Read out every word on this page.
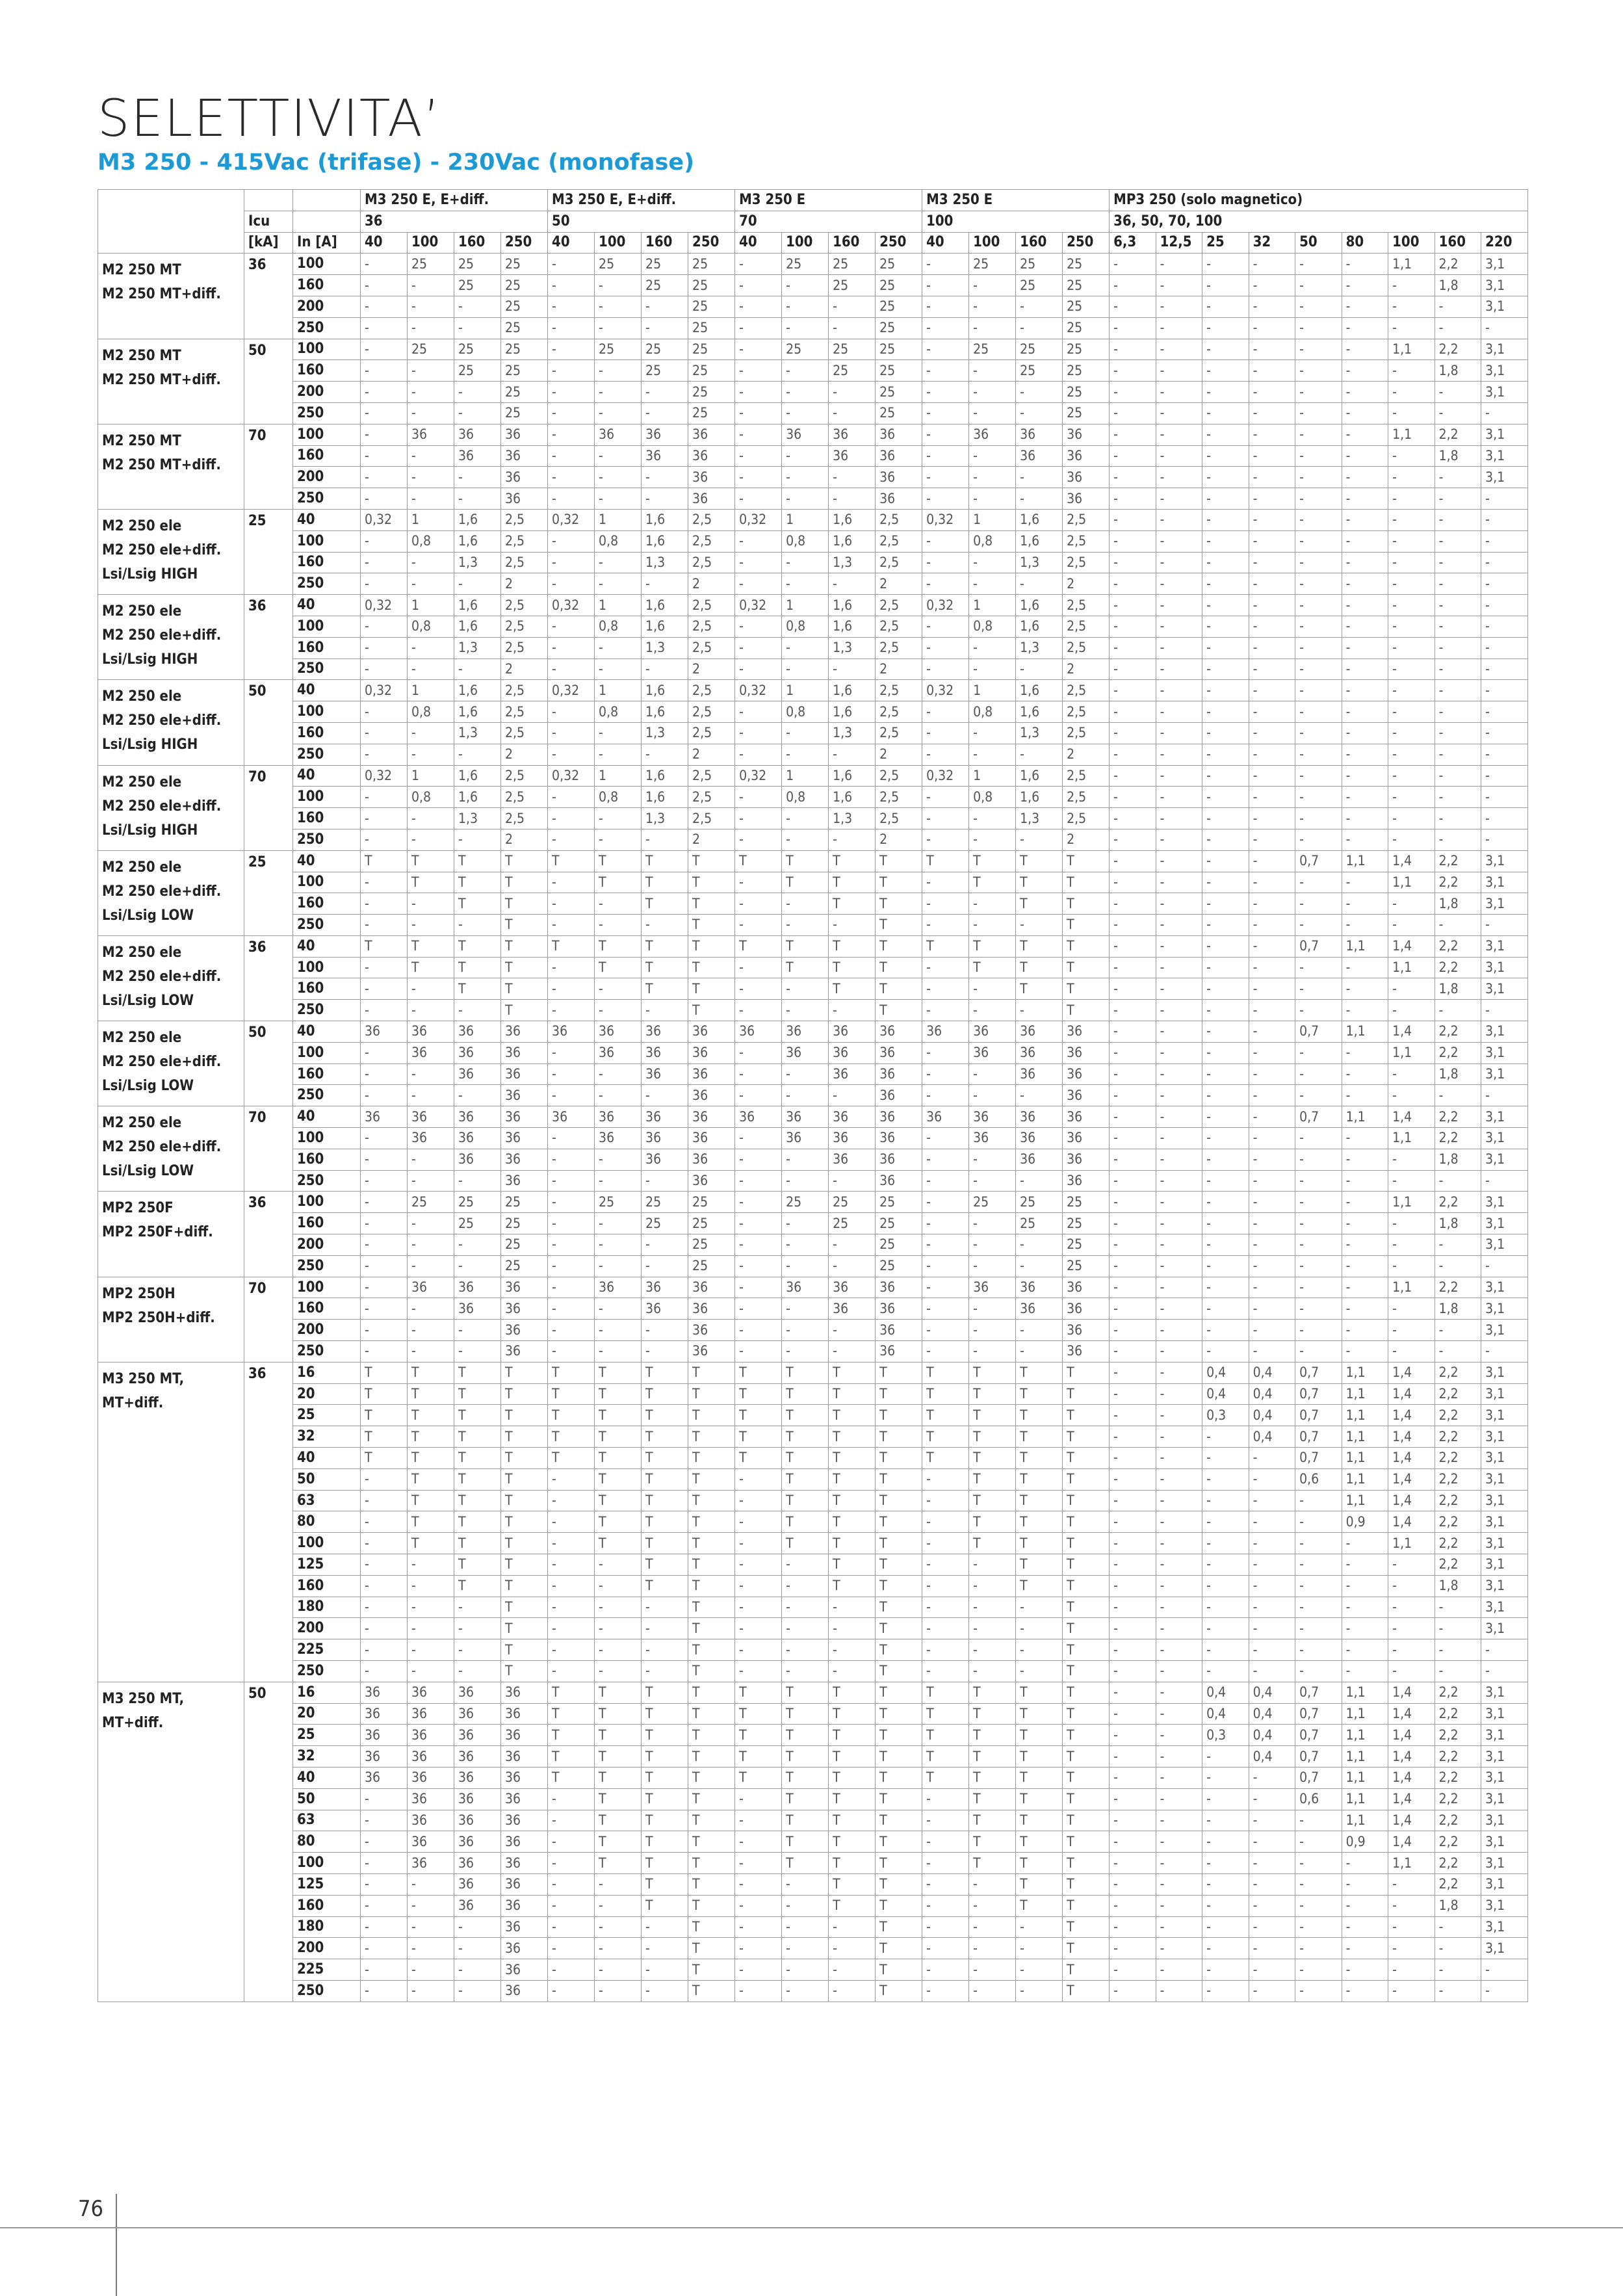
SELETTIVITA’
M3 250 - 415Vac (trifase) - 230Vac (monofase)
			M3 250 E, E+diff.				M3 250 E, E+diff.				M3 250 E				M3 250 E				MP3 250 (solo magnetico)								
	Icu		36				50				70				100				36, 50, 70, 100								
	[kA]	In [A]	40	100	160	250	40	100	160	250	40	100	160	250	40	100	160	250	6,3	12,5	25	32	50	80	100	160	220

M2 250 MT
M2 250 MT+diff.	36	100	-	25	25	25	-	25	25	25	-	25	25	25	-	25	25	25	-	-	-	-	-	-	1,1	2,2	3,1
		160	-	-	25	25	-	-	25	25	-	-	25	25	-	-	25	25	-	-	-	-	-	-	-	1,8	3,1
		200	-	-	-	25	-	-	-	25	-	-	-	25	-	-	-	25	-	-	-	-	-	-	-	-	3,1
		250	-	-	-	25	-	-	-	25	-	-	-	25	-	-	-	25	-	-	-	-	-	-	-	-	-

M2 250 MT
M2 250 MT+diff.	50	100	-	25	25	25	-	25	25	25	-	25	25	25	-	25	25	25	-	-	-	-	-	-	1,1	2,2	3,1
		160	-	-	25	25	-	-	25	25	-	-	25	25	-	-	25	25	-	-	-	-	-	-	-	1,8	3,1
		200	-	-	-	25	-	-	-	25	-	-	-	25	-	-	-	25	-	-	-	-	-	-	-	-	3,1
		250	-	-	-	25	-	-	-	25	-	-	-	25	-	-	-	25	-	-	-	-	-	-	-	-	-

M2 250 MT
M2 250 MT+diff.	70	100	-	36	36	36	-	36	36	36	-	36	36	36	-	36	36	36	-	-	-	-	-	-	1,1	2,2	3,1
		160	-	-	36	36	-	-	36	36	-	-	36	36	-	-	36	36	-	-	-	-	-	-	-	1,8	3,1
		200	-	-	-	36	-	-	-	36	-	-	-	36	-	-	-	36	-	-	-	-	-	-	-	-	3,1
		250	-	-	-	36	-	-	-	36	-	-	-	36	-	-	-	36	-	-	-	-	-	-	-	-	-

M2 250 ele
M2 250 ele+diff.
Lsi/Lsig HIGH	25	40	0,32	1	1,6	2,5	0,32	1	1,6	2,5	0,32	1	1,6	2,5	0,32	1	1,6	2,5	-	-	-	-	-	-	-	-	-
		100	-	0,8	1,6	2,5	-	0,8	1,6	2,5	-	0,8	1,6	2,5	-	0,8	1,6	2,5	-	-	-	-	-	-	-	-	-
		160	-	-	1,3	2,5	-	-	1,3	2,5	-	-	1,3	2,5	-	-	1,3	2,5	-	-	-	-	-	-	-	-	-
		250	-	-	-	2	-	-	-	2	-	-	-	2	-	-	-	2	-	-	-	-	-	-	-	-	-

M2 250 ele
M2 250 ele+diff.
Lsi/Lsig HIGH	36	40	0,32	1	1,6	2,5	0,32	1	1,6	2,5	0,32	1	1,6	2,5	0,32	1	1,6	2,5	-	-	-	-	-	-	-	-	-
		100	-	0,8	1,6	2,5	-	0,8	1,6	2,5	-	0,8	1,6	2,5	-	0,8	1,6	2,5	-	-	-	-	-	-	-	-	-
		160	-	-	1,3	2,5	-	-	1,3	2,5	-	-	1,3	2,5	-	-	1,3	2,5	-	-	-	-	-	-	-	-	-
		250	-	-	-	2	-	-	-	2	-	-	-	2	-	-	-	2	-	-	-	-	-	-	-	-	-

M2 250 ele
M2 250 ele+diff.
Lsi/Lsig HIGH	50	40	0,32	1	1,6	2,5	0,32	1	1,6	2,5	0,32	1	1,6	2,5	0,32	1	1,6	2,5	-	-	-	-	-	-	-	-	-
		100	-	0,8	1,6	2,5	-	0,8	1,6	2,5	-	0,8	1,6	2,5	-	0,8	1,6	2,5	-	-	-	-	-	-	-	-	-
		160	-	-	1,3	2,5	-	-	1,3	2,5	-	-	1,3	2,5	-	-	1,3	2,5	-	-	-	-	-	-	-	-	-
		250	-	-	-	2	-	-	-	2	-	-	-	2	-	-	-	2	-	-	-	-	-	-	-	-	-

M2 250 ele
M2 250 ele+diff.
Lsi/Lsig HIGH	70	40	0,32	1	1,6	2,5	0,32	1	1,6	2,5	0,32	1	1,6	2,5	0,32	1	1,6	2,5	-	-	-	-	-	-	-	-	-
		100	-	0,8	1,6	2,5	-	0,8	1,6	2,5	-	0,8	1,6	2,5	-	0,8	1,6	2,5	-	-	-	-	-	-	-	-	-
		160	-	-	1,3	2,5	-	-	1,3	2,5	-	-	1,3	2,5	-	-	1,3	2,5	-	-	-	-	-	-	-	-	-
		250	-	-	-	2	-	-	-	2	-	-	-	2	-	-	-	2	-	-	-	-	-	-	-	-	-

M2 250 ele
M2 250 ele+diff.
Lsi/Lsig LOW	25	40	T	T	T	T	T	T	T	T	T	T	T	T	T	T	T	T	-	-	-	-	0,7	1,1	1,4	2,2	3,1
		100	-	T	T	T	-	T	T	T	-	T	T	T	-	T	T	T	-	-	-	-	-	-	1,1	2,2	3,1
		160	-	-	T	T	-	-	T	T	-	-	T	T	-	-	T	T	-	-	-	-	-	-	-	1,8	3,1
		250	-	-	-	T	-	-	-	T	-	-	-	T	-	-	-	T	-	-	-	-	-	-	-	-	-

M2 250 ele
M2 250 ele+diff.
Lsi/Lsig LOW	36	40	T	T	T	T	T	T	T	T	T	T	T	T	T	T	T	T	-	-	-	-	0,7	1,1	1,4	2,2	3,1
		100	-	T	T	T	-	T	T	T	-	T	T	T	-	T	T	T	-	-	-	-	-	-	1,1	2,2	3,1
		160	-	-	T	T	-	-	T	T	-	-	T	T	-	-	T	T	-	-	-	-	-	-	-	1,8	3,1
		250	-	-	-	T	-	-	-	T	-	-	-	T	-	-	-	T	-	-	-	-	-	-	-	-	-

M2 250 ele
M2 250 ele+diff.
Lsi/Lsig LOW	50	40	36	36	36	36	36	36	36	36	36	36	36	36	36	36	36	36	-	-	-	-	0,7	1,1	1,4	2,2	3,1
		100	-	36	36	36	-	36	36	36	-	36	36	36	-	36	36	36	-	-	-	-	-	-	1,1	2,2	3,1
		160	-	-	36	36	-	-	36	36	-	-	36	36	-	-	36	36	-	-	-	-	-	-	-	1,8	3,1
		250	-	-	-	36	-	-	-	36	-	-	-	36	-	-	-	36	-	-	-	-	-	-	-	-	-

M2 250 ele
M2 250 ele+diff.
Lsi/Lsig LOW	70	40	36	36	36	36	36	36	36	36	36	36	36	36	36	36	36	36	-	-	-	-	0,7	1,1	1,4	2,2	3,1
		100	-	36	36	36	-	36	36	36	-	36	36	36	-	36	36	36	-	-	-	-	-	-	1,1	2,2	3,1
		160	-	-	36	36	-	-	36	36	-	-	36	36	-	-	36	36	-	-	-	-	-	-	-	1,8	3,1
		250	-	-	-	36	-	-	-	36	-	-	-	36	-	-	-	36	-	-	-	-	-	-	-	-	-

MP2 250F
MP2 250F+diff.	36	100	-	25	25	25	-	25	25	25	-	25	25	25	-	25	25	25	-	-	-	-	-	-	1,1	2,2	3,1
		160	-	-	25	25	-	-	25	25	-	-	25	25	-	-	25	25	-	-	-	-	-	-	-	1,8	3,1
		200	-	-	-	25	-	-	-	25	-	-	-	25	-	-	-	25	-	-	-	-	-	-	-	-	3,1
		250	-	-	-	25	-	-	-	25	-	-	-	25	-	-	-	25	-	-	-	-	-	-	-	-	-

MP2 250H
MP2 250H+diff.	70	100	-	36	36	36	-	36	36	36	-	36	36	36	-	36	36	36	-	-	-	-	-	-	1,1	2,2	3,1
		160	-	-	36	36	-	-	36	36	-	-	36	36	-	-	36	36	-	-	-	-	-	-	-	1,8	3,1
		200	-	-	-	36	-	-	-	36	-	-	-	36	-	-	-	36	-	-	-	-	-	-	-	-	3,1
		250	-	-	-	36	-	-	-	36	-	-	-	36	-	-	-	36	-	-	-	-	-	-	-	-	-

M3 250 MT, MT+diff.	36	16	T	T	T	T	T	T	T	T	T	T	T	T	T	T	T	T	-	-	0,4	0,4	0,7	1,1	1,4	2,2	3,1
		20	T	T	T	T	T	T	T	T	T	T	T	T	T	T	T	T	-	-	0,4	0,4	0,7	1,1	1,4	2,2	3,1
		25	T	T	T	T	T	T	T	T	T	T	T	T	T	T	T	T	-	-	0,3	0,4	0,7	1,1	1,4	2,2	3,1
		32	T	T	T	T	T	T	T	T	T	T	T	T	T	T	T	T	-	-	-	0,4	0,7	1,1	1,4	2,2	3,1
		40	T	T	T	T	T	T	T	T	T	T	T	T	T	T	T	T	-	-	-	-	0,7	1,1	1,4	2,2	3,1
		50	-	T	T	T	-	T	T	T	-	T	T	T	-	T	T	T	-	-	-	-	0,6	1,1	1,4	2,2	3,1
		63	-	T	T	T	-	T	T	T	-	T	T	T	-	T	T	T	-	-	-	-	-	1,1	1,4	2,2	3,1
		80	-	T	T	T	-	T	T	T	-	T	T	T	-	T	T	T	-	-	-	-	-	0,9	1,4	2,2	3,1
		100	-	T	T	T	-	T	T	T	-	T	T	T	-	T	T	T	-	-	-	-	-	-	1,1	2,2	3,1
		125	-	-	T	T	-	-	T	T	-	-	T	T	-	-	T	T	-	-	-	-	-	-	-	2,2	3,1
		160	-	-	T	T	-	-	T	T	-	-	T	T	-	-	T	T	-	-	-	-	-	-	-	1,8	3,1
		180	-	-	-	T	-	-	-	T	-	-	-	T	-	-	-	T	-	-	-	-	-	-	-	-	3,1
		200	-	-	-	T	-	-	-	T	-	-	-	T	-	-	-	T	-	-	-	-	-	-	-	-	3,1
		225	-	-	-	T	-	-	-	T	-	-	-	T	-	-	-	T	-	-	-	-	-	-	-	-	-
		250	-	-	-	T	-	-	-	T	-	-	-	T	-	-	-	T	-	-	-	-	-	-	-	-	-

M3 250 MT, MT+diff.	50	16	36	36	36	36	T	T	T	T	T	T	T	T	T	T	T	T	-	-	0,4	0,4	0,7	1,1	1,4	2,2	3,1
		20	36	36	36	36	T	T	T	T	T	T	T	T	T	T	T	T	-	-	0,4	0,4	0,7	1,1	1,4	2,2	3,1
		25	36	36	36	36	T	T	T	T	T	T	T	T	T	T	T	T	-	-	0,3	0,4	0,7	1,1	1,4	2,2	3,1
		32	36	36	36	36	T	T	T	T	T	T	T	T	T	T	T	T	-	-	-	0,4	0,7	1,1	1,4	2,2	3,1
		40	36	36	36	36	T	T	T	T	T	T	T	T	T	T	T	T	-	-	-	-	0,7	1,1	1,4	2,2	3,1
		50	-	36	36	36	-	T	T	T	-	T	T	T	-	T	T	T	-	-	-	-	0,6	1,1	1,4	2,2	3,1
		63	-	36	36	36	-	T	T	T	-	T	T	T	-	T	T	T	-	-	-	-	-	1,1	1,4	2,2	3,1
		80	-	36	36	36	-	T	T	T	-	T	T	T	-	T	T	T	-	-	-	-	-	0,9	1,4	2,2	3,1
		100	-	36	36	36	-	T	T	T	-	T	T	T	-	T	T	T	-	-	-	-	-	-	1,1	2,2	3,1
		125	-	-	36	36	-	-	T	T	-	-	T	T	-	-	T	T	-	-	-	-	-	-	-	2,2	3,1
		160	-	-	36	36	-	-	T	T	-	-	T	T	-	-	T	T	-	-	-	-	-	-	-	1,8	3,1
		180	-	-	-	36	-	-	-	T	-	-	-	T	-	-	-	T	-	-	-	-	-	-	-	-	3,1
		200	-	-	-	36	-	-	-	T	-	-	-	T	-	-	-	T	-	-	-	-	-	-	-	-	3,1
		225	-	-	-	36	-	-	-	T	-	-	-	T	-	-	-	T	-	-	-	-	-	-	-	-	-
		250	-	-	-	36	-	-	-	T	-	-	-	T	-	-	-	T	-	-	-	-	-	-	-	-	-
76
